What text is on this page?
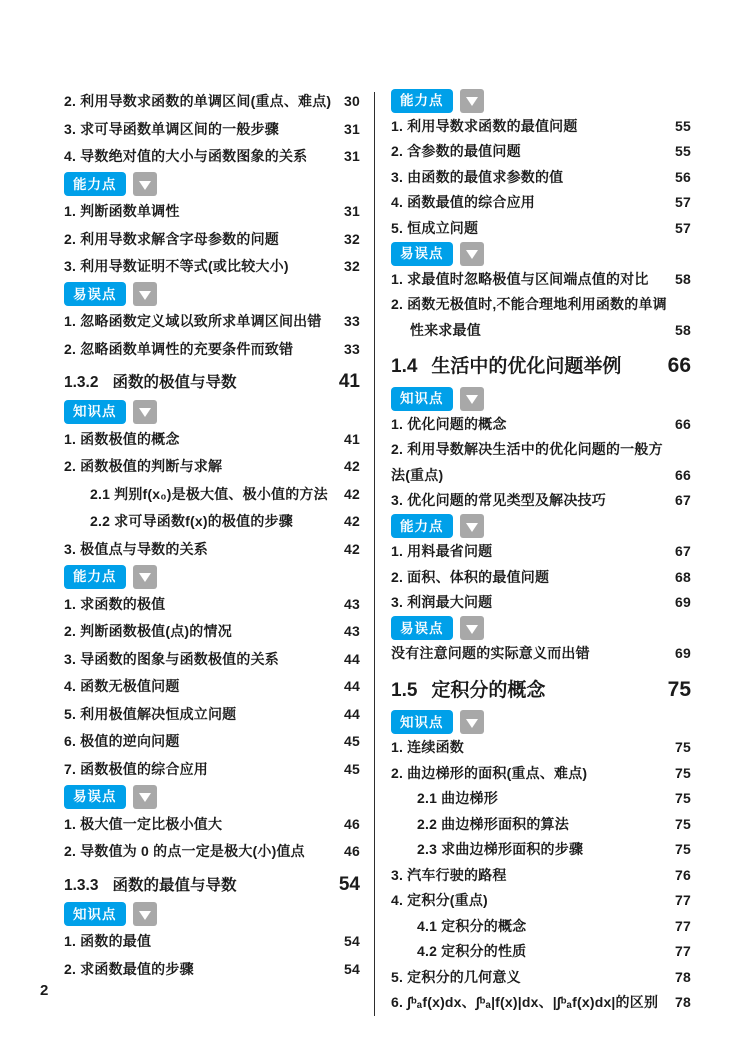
2. 利用导数求函数的单调区间(重点、难点) 30
3. 求可导函数单调区间的一般步骤	31
4. 导数绝对值的大小与函数图象的关系	31
能力点
1. 判断函数单调性	31
2. 利用导数求解含字母参数的问题	32
3. 利用导数证明不等式(或比较大小)	32
易误点
1. 忽略函数定义域以致所求单调区间出错	33
2. 忽略函数单调性的充要条件而致错	33
1.3.2 函数的极值与导数	41
知识点
1. 函数极值的概念	41
2. 函数极值的判断与求解	42
2.1 判别f(x₀)是极大值、极小值的方法	42
2.2 求可导函数f(x)的极值的步骤	42
3. 极值点与导数的关系	42
能力点
1. 求函数的极值	43
2. 判断函数极值(点)的情况	43
3. 导函数的图象与函数极值的关系	44
4. 函数无极值问题	44
5. 利用极值解决恒成立问题	44
6. 极值的逆向问题	45
7. 函数极值的综合应用	45
易误点
1. 极大值一定比极小值大	46
2. 导数值为 0 的点一定是极大(小)值点	46
1.3.3 函数的最值与导数	54
知识点
1. 函数的最值	54
2. 求函数最值的步骤	54
能力点
1. 利用导数求函数的最值问题	55
2. 含参数的最值问题	55
3. 由函数的最值求参数的值	56
4. 函数最值的综合应用	57
5. 恒成立问题	57
易误点
1. 求最值时忽略极值与区间端点值的对比	58
2. 函数无极值时,不能合理地利用函数的单调性来求最值	58
1.4 生活中的优化问题举例	66
知识点
1. 优化问题的概念	66
2. 利用导数解决生活中的优化问题的一般方法(重点)	66
3. 优化问题的常见类型及解决技巧	67
能力点
1. 用料最省问题	67
2. 面积、体积的最值问题	68
3. 利润最大问题	69
易误点
没有注意问题的实际意义而出错	69
1.5 定积分的概念	75
知识点
1. 连续函数	75
2. 曲边梯形的面积(重点、难点)	75
2.1 曲边梯形	75
2.2 曲边梯形面积的算法	75
2.3 求曲边梯形面积的步骤	75
3. 汽车行驶的路程	76
4. 定积分(重点)	77
4.1 定积分的概念	77
4.2 定积分的性质	77
5. 定积分的几何意义	78
6. ∫ᵇₐf(x)dx、∫ᵇₐ|f(x)|dx、|∫ᵇₐf(x)dx|的区别	78
2
